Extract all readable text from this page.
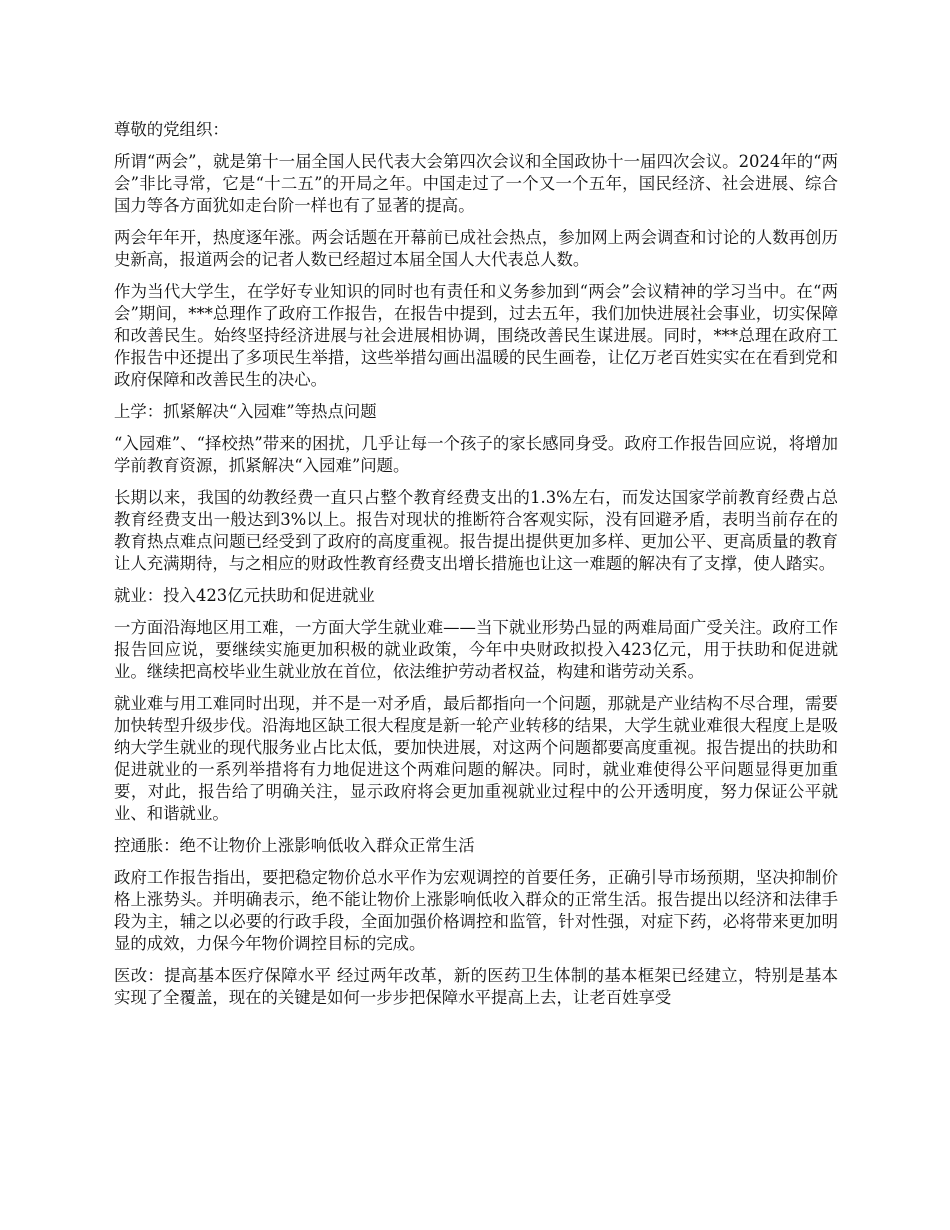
尊敬的党组织：

所谓“两会”，就是第十一届全国人民代表大会第四次会议和全国政协十一届四次会议。2024年的“两会”非比寻常，它是“十二五”的开局之年。中国走过了一个又一个五年，国民经济、社会进展、综合国力等各方面犹如走台阶一样也有了显著的提高。

两会年年开，热度逐年涨。两会话题在开幕前已成社会热点，参加网上两会调查和讨论的人数再创历史新高，报道两会的记者人数已经超过本届全国人大代表总人数。

作为当代大学生，在学好专业知识的同时也有责任和义务参加到“两会”会议精神的学习当中。在“两会”期间，***总理作了政府工作报告，在报告中提到，过去五年，我们加快进展社会事业，切实保障和改善民生。始终坚持经济进展与社会进展相协调，围绕改善民生谋进展。同时，***总理在政府工作报告中还提出了多项民生举措，这些举措勾画出温暖的民生画卷，让亿万老百姓实实在在看到党和政府保障和改善民生的决心。

上学：抓紧解决“入园难”等热点问题

“入园难”、“择校热”带来的困扰，几乎让每一个孩子的家长感同身受。政府工作报告回应说，将增加学前教育资源，抓紧解决“入园难”问题。

长期以来，我国的幼教经费一直只占整个教育经费支出的1.3%左右，而发达国家学前教育经费占总教育经费支出一般达到3%以上。报告对现状的推断符合客观实际，没有回避矛盾，表明当前存在的教育热点难点问题已经受到了政府的高度重视。报告提出提供更加多样、更加公平、更高质量的教育让人充满期待，与之相应的财政性教育经费支出增长措施也让这一难题的解决有了支撑，使人踏实。

就业：投入423亿元扶助和促进就业

一方面沿海地区用工难，一方面大学生就业难——当下就业形势凸显的两难局面广受关注。政府工作报告回应说，要继续实施更加积极的就业政策，今年中央财政拟投入423亿元，用于扶助和促进就业。继续把高校毕业生就业放在首位，依法维护劳动者权益，构建和谐劳动关系。

就业难与用工难同时出现，并不是一对矛盾，最后都指向一个问题，那就是产业结构不尽合理，需要加快转型升级步伐。沿海地区缺工很大程度是新一轮产业转移的结果，大学生就业难很大程度上是吸纳大学生就业的现代服务业占比太低，要加快进展，对这两个问题都要高度重视。报告提出的扶助和促进就业的一系列举措将有力地促进这个两难问题的解决。同时，就业难使得公平问题显得更加重要，对此，报告给了明确关注，显示政府将会更加重视就业过程中的公开透明度，努力保证公平就业、和谐就业。

控通胀：绝不让物价上涨影响低收入群众正常生活

政府工作报告指出，要把稳定物价总水平作为宏观调控的首要任务，正确引导市场预期，坚决抑制价格上涨势头。并明确表示，绝不能让物价上涨影响低收入群众的正常生活。报告提出以经济和法律手段为主，辅之以必要的行政手段，全面加强价格调控和监管，针对性强，对症下药，必将带来更加明显的成效，力保今年物价调控目标的完成。

医改：提高基本医疗保障水平 经过两年改革，新的医药卫生体制的基本框架已经建立，特别是基本实现了全覆盖，现在的关键是如何一步步把保障水平提高上去，让老百姓享受
